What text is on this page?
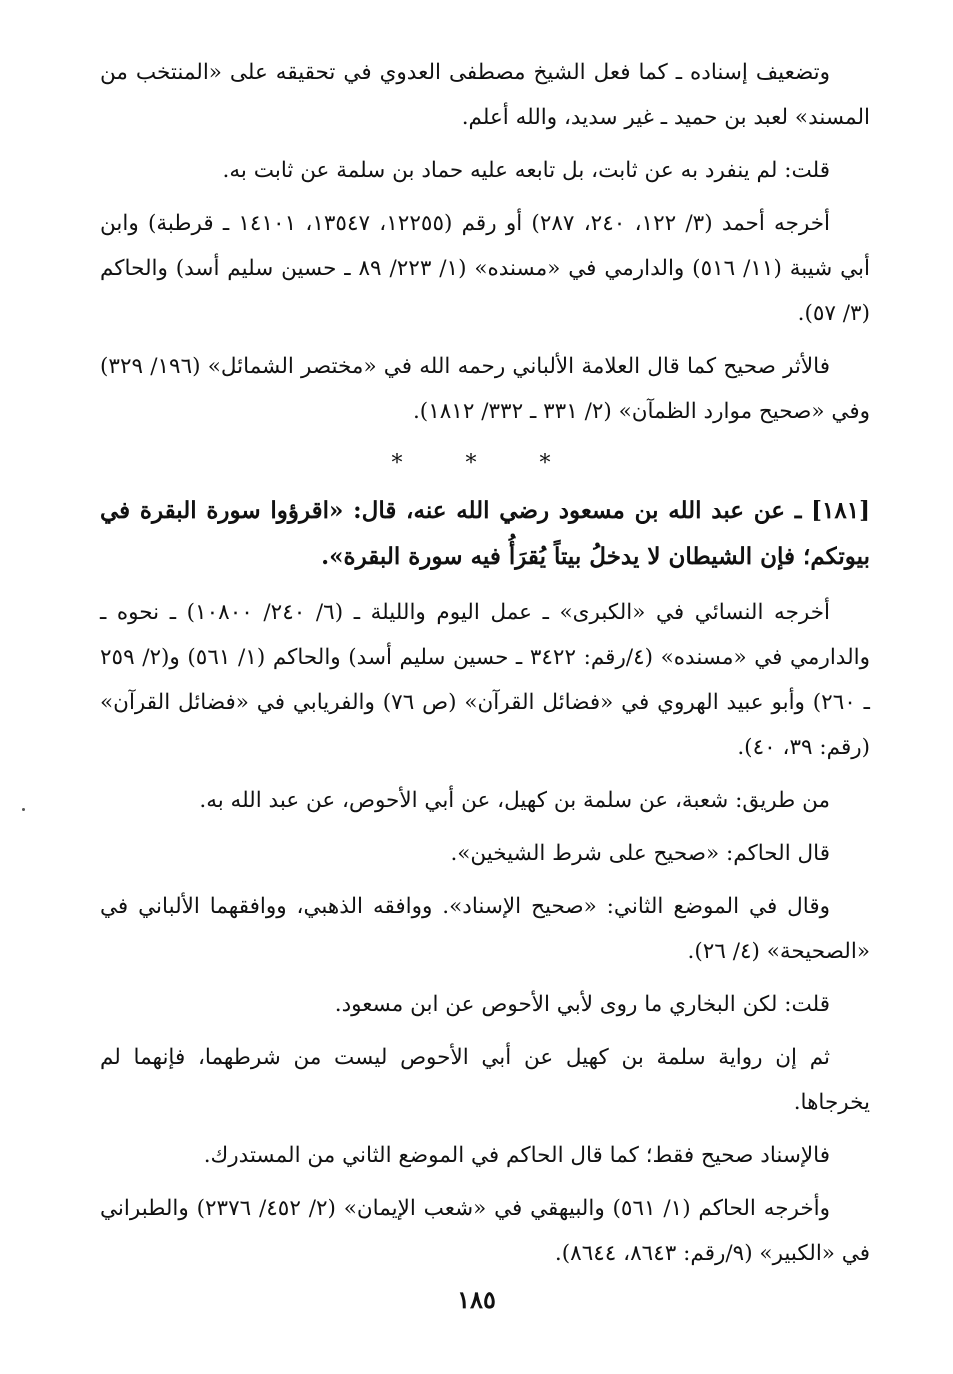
وتضعيف إسناده ـ كما فعل الشيخ مصطفى العدوي في تحقيقه على «المنتخب من المسند» لعبد بن حميد ـ غير سديد، والله أعلم.

قلت: لم ينفرد به عن ثابت، بل تابعه عليه حماد بن سلمة عن ثابت به.

أخرجه أحمد (٣/ ١٢٢، ٢٤٠، ٢٨٧) أو رقم (١٢٢٥٥، ١٣٥٤٧، ١٤١٠١ ـ قرطبة) وابن أبي شيبة (١١/ ٥١٦) والدارمي في «مسنده» (١/ ٢٢٣/ ٨٩ ـ حسين سليم أسد) والحاكم (٣/ ٥٧).

فالأثر صحيح كما قال العلامة الألباني رحمه الله في «مختصر الشمائل» (١٩٦/ ٣٢٩) وفي «صحيح موارد الظمآن» (٢/ ٣٣١ ـ ٣٣٢/ ١٨١٢).

* * *

[١٨١] ـ عن عبد الله بن مسعود رضي الله عنه، قال: «اقرؤوا سورة البقرة في بيوتكم؛ فإن الشيطان لا يدخلُ بيتاً يُقرَأُ فيه سورة البقرة».

أخرجه النسائي في «الكبرى» ـ عمل اليوم والليلة ـ (٦/ ٢٤٠/ ١٠٨٠٠) ـ نحوه ـ والدارمي في «مسنده» (٤/رقم: ٣٤٢٢ ـ حسين سليم أسد) والحاكم (١/ ٥٦١) و(٢/ ٢٥٩ ـ ٢٦٠) وأبو عبيد الهروي في «فضائل القرآن» (ص ٧٦) والفريابي في «فضائل القرآن» (رقم: ٣٩، ٤٠).

من طريق: شعبة، عن سلمة بن كهيل، عن أبي الأحوص، عن عبد الله به.

قال الحاكم: «صحيح على شرط الشيخين».

وقال في الموضع الثاني: «صحيح الإسناد». ووافقه الذهبي، ووافقهما الألباني في «الصحيحة» (٤/ ٢٦).

قلت: لكن البخاري ما روى لأبي الأحوص عن ابن مسعود.

ثم إن رواية سلمة بن كهيل عن أبي الأحوص ليست من شرطهما، فإنهما لم يخرجاها.

فالإسناد صحيح فقط؛ كما قال الحاكم في الموضع الثاني من المستدرك.

وأخرجه الحاكم (١/ ٥٦١) والبيهقي في «شعب الإيمان» (٢/ ٤٥٢/ ٢٣٧٦) والطبراني في «الكبير» (٩/رقم: ٨٦٤٣، ٨٦٤٤).

١٨٥
